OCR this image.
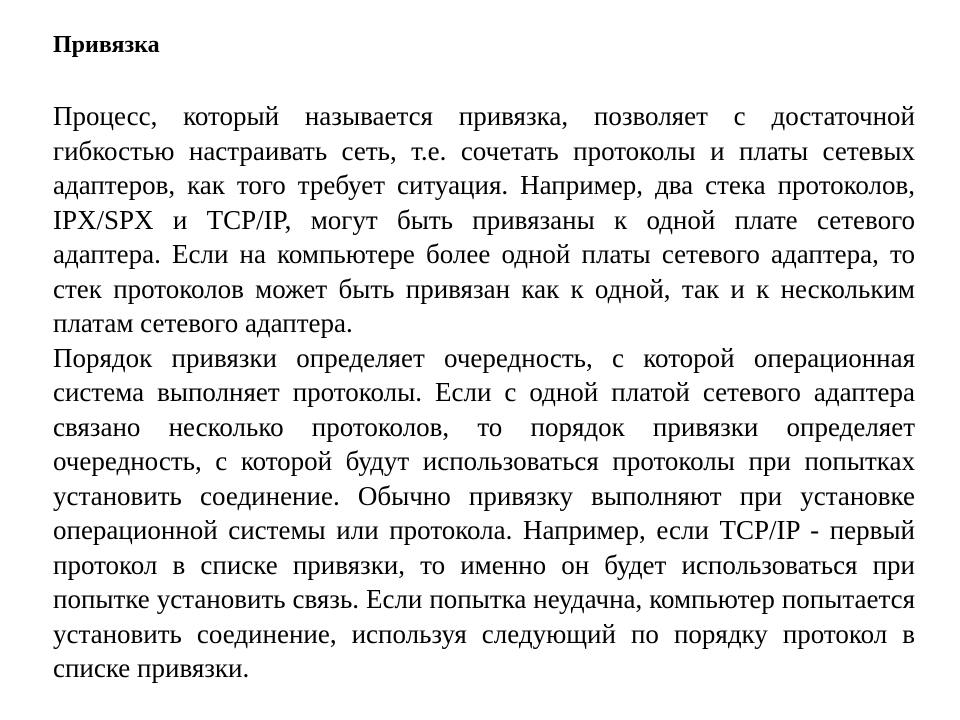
Привязка

Процесс, который называется привязка, позволяет с достаточной гибкостью настраивать сеть, т.е. сочетать протоколы и платы сетевых адаптеров, как того требует ситуация. Например, два стека протоколов, IPX/SPX и TCP/IP, могут быть привязаны к одной плате сетевого адаптера. Если на компьютере более одной платы сетевого адаптера, то стек протоколов может быть привязан как к одной, так и к нескольким платам сетевого адаптера.

Порядок привязки определяет очередность, с которой операционная система выполняет протоколы. Если с одной платой сетевого адаптера связано несколько протоколов, то порядок привязки определяет очередность, с которой будут использоваться протоколы при попытках установить соединение. Обычно привязку выполняют при установке операционной системы или протокола. Например, если TCP/IP - первый протокол в списке привязки, то именно он будет использоваться при попытке установить связь. Если попытка неудачна, компьютер попытается установить соединение, используя следующий по порядку протокол в списке привязки.
